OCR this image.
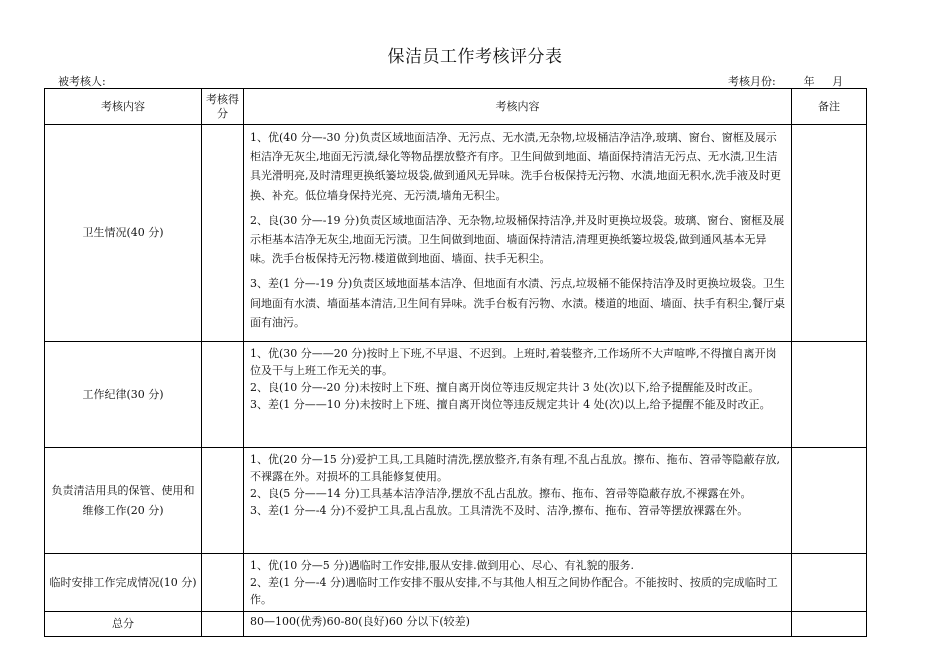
保洁员工作考核评分表
被考核人:	考核月份:        年     月
考核内容	考核得分	考核内容	备注
卫生情况(40 分)		1、优(40 分—-30 分)负责区域地面洁净、无污点、无水渍,无杂物,垃圾桶洁净洁净,玻璃、窗台、窗框及展示柜洁净无灰尘,地面无污渍,绿化等物品摆放整齐有序。卫生间做到地面、墙面保持清洁无污点、无水渍,卫生洁具光滑明亮,及时清理更换纸篓垃圾袋,做到通风无异味。洗手台板保持无污物、水渍,地面无积水,洗手液及时更换、补充。低位墙身保持光亮、无污渍,墙角无积尘。

2、良(30 分—-19 分)负责区域地面洁净、无杂物,垃圾桶保持洁净,并及时更换垃圾袋。玻璃、窗台、窗框及展示柜基本洁净无灰尘,地面无污渍。卫生间做到地面、墙面保持清洁,清理更换纸篓垃圾袋,做到通风基本无异味。洗手台板保持无污物.楼道做到地面、墙面、扶手无积尘。

3、差(1 分—-19 分)负责区域地面基本洁净、但地面有水渍、污点,垃圾桶不能保持洁净及时更换垃圾袋。卫生间地面有水渍、墙面基本清洁,卫生间有异味。洗手台板有污物、水渍。楼道的地面、墙面、扶手有积尘,餐厅桌面有油污。	

工作纪律(30 分)		1、优(30 分——20 分)按时上下班,不早退、不迟到。上班时,着装整齐,工作场所不大声喧哗,不得擅自离开岗位及干与上班工作无关的事。

2、良(10 分—-20 分)未按时上下班、擅自离开岗位等违反规定共计 3 处(次)以下,给予提醒能及时改正。

3、差(1 分——10 分)未按时上下班、擅自离开岗位等违反规定共计 4 处(次)以上,给予提醒不能及时改正。	

负责清洁用具的保管、使用和维修工作(20 分)		1、优(20 分—15 分)爱护工具,工具随时清洗,摆放整齐,有条有理,不乱占乱放。擦布、拖布、笤帚等隐蔽存放,不裸露在外。对损坏的工具能修复使用。

2、良(5 分——14 分)工具基本洁净洁净,摆放不乱占乱放。擦布、拖布、笤帚等隐蔽存放,不裸露在外。

3、差(1 分—-4 分)不爱护工具,乱占乱放。工具清洗不及时、洁净,擦布、拖布、笤帚等摆放裸露在外。	

临时安排工作完成情况(10 分)		1、优(10 分—5 分)遇临时工作安排,服从安排.做到用心、尽心、有礼貌的服务.

2、差(1 分—-4 分)遇临时工作安排不服从安排,不与其他人相互之间协作配合。不能按时、按质的完成临时工作。	

总分		80—100(优秀)60-80(良好)60 分以下(较差)	
